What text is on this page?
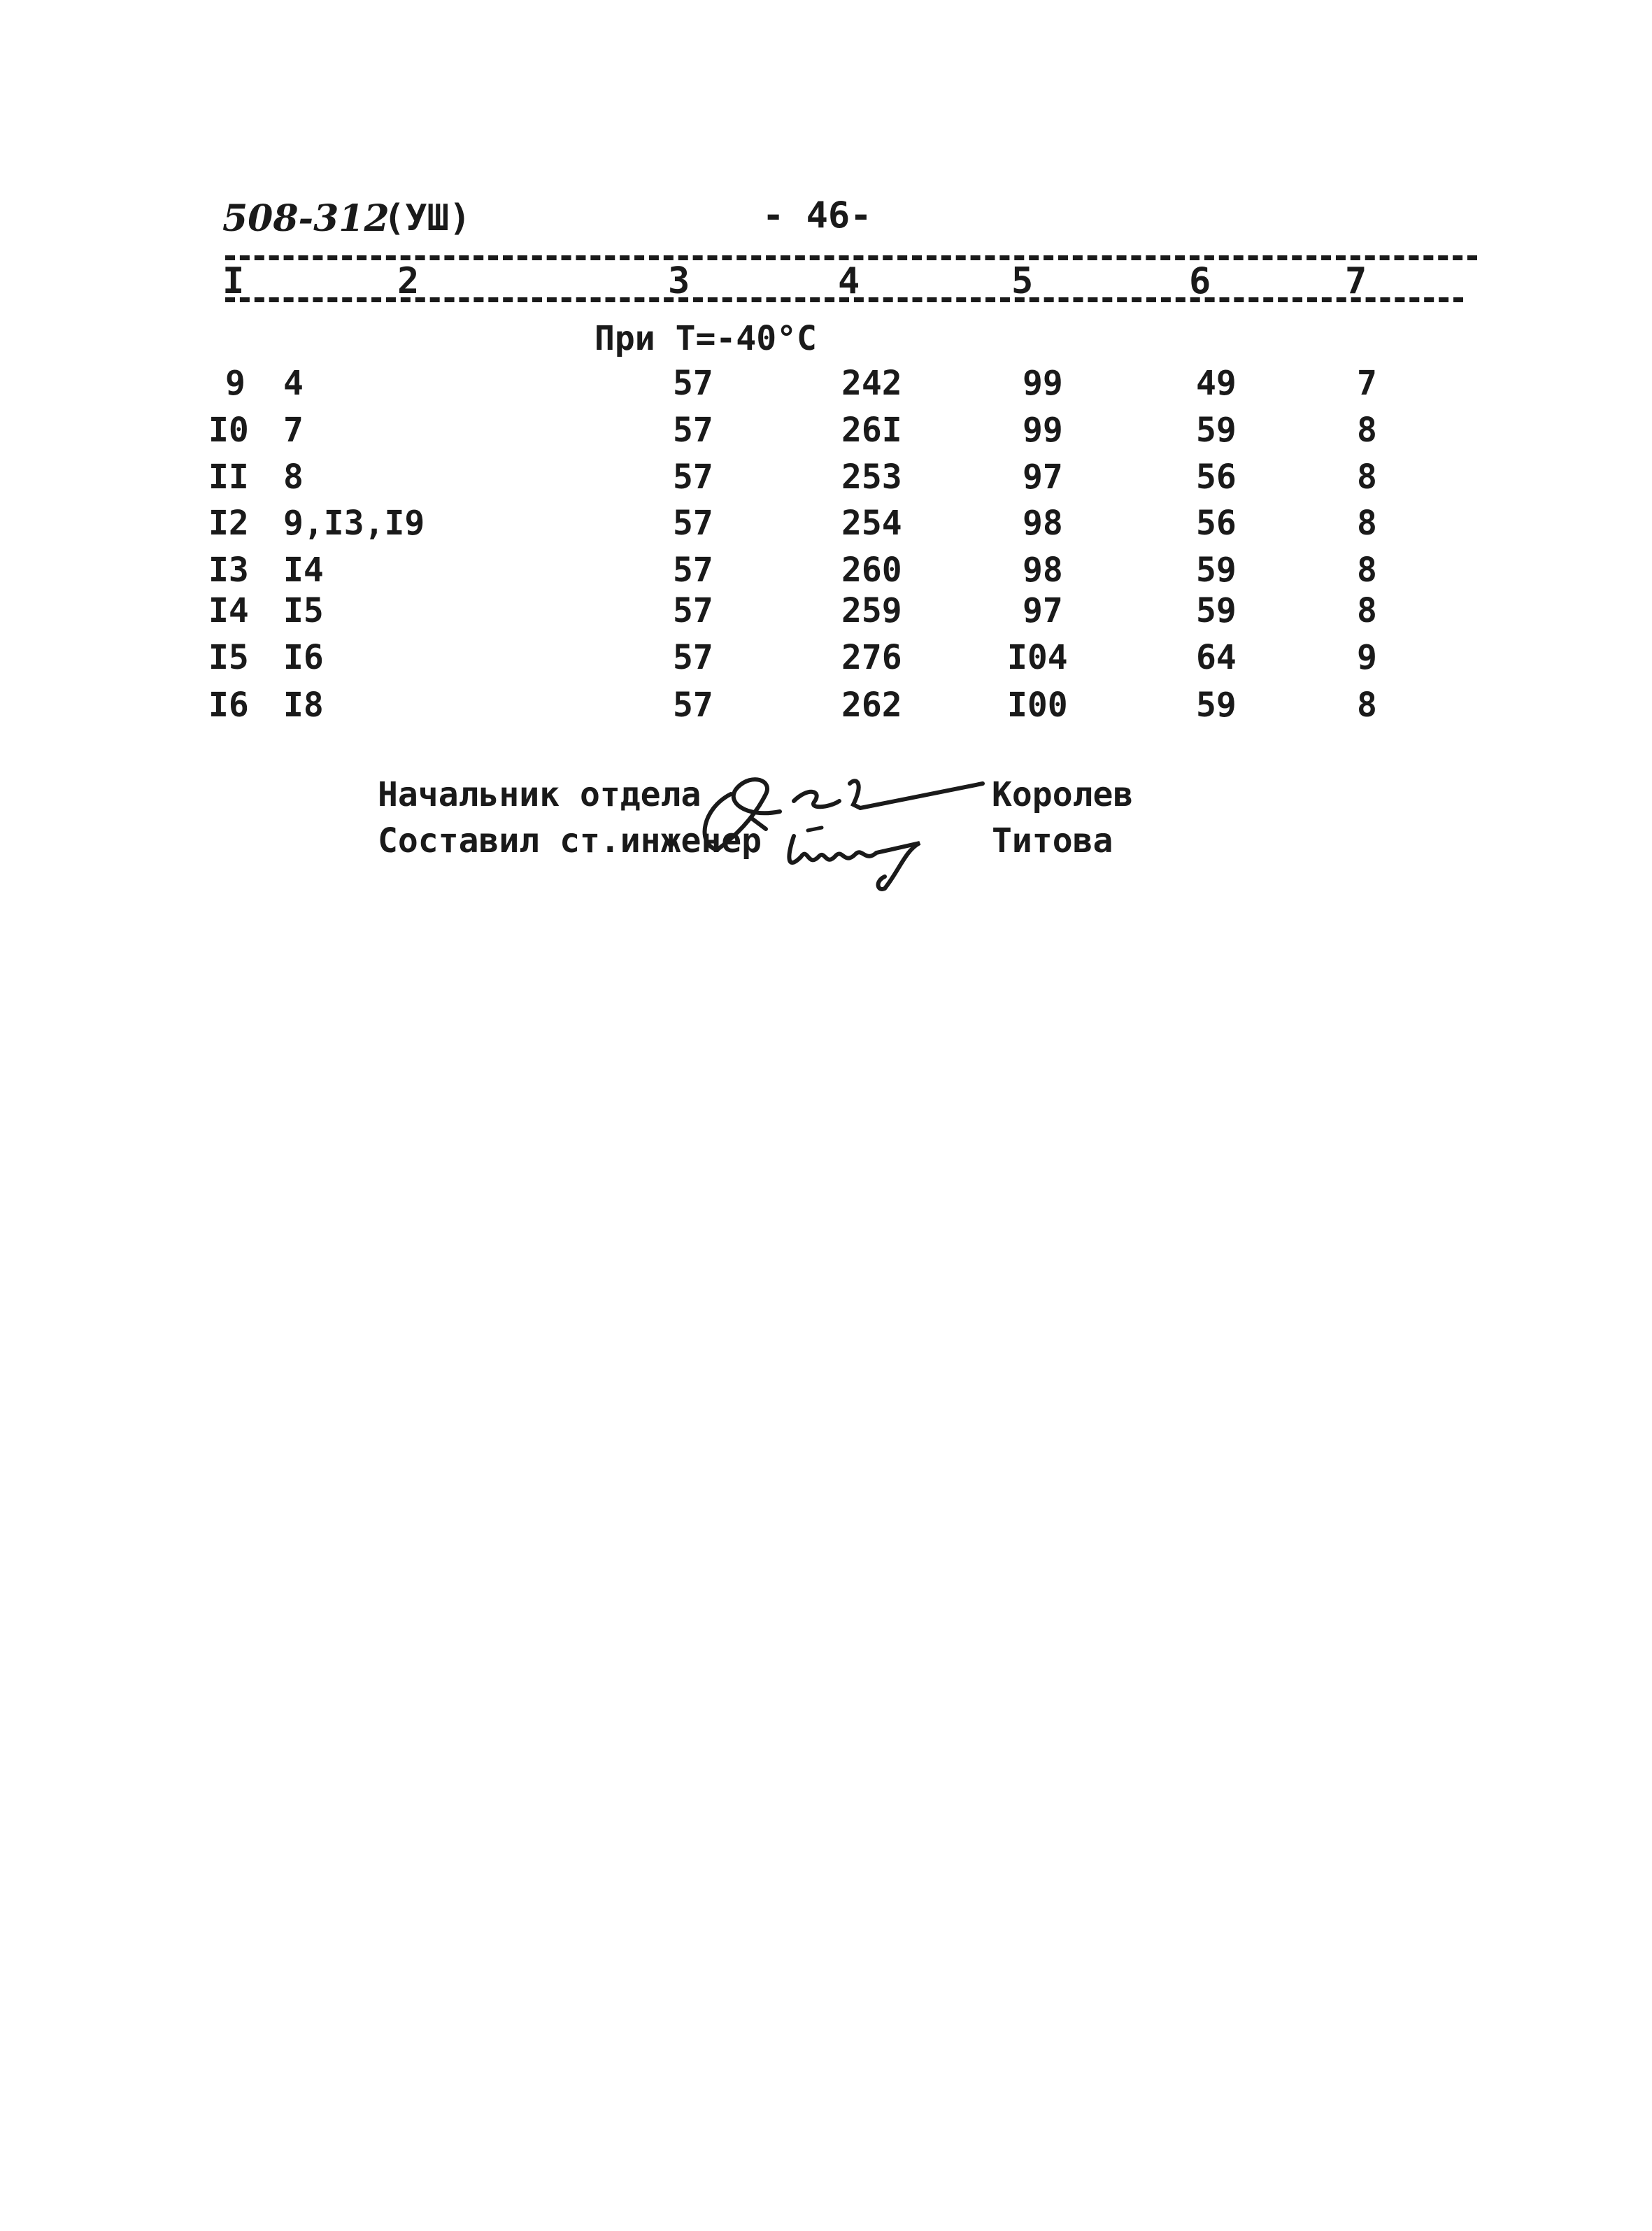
508-312
(УШ)	- 46-
I	2	3	4	5	6	7
При T=-40°C
9 4	57	242	99	49	7
I0 7	57	26I	99	59	8
II 8	57	253	97	56	8
I2 9,I3,I9	57	254	98	56	8
I3 I4	57	260	98	59	8
I4 I5	57	259	97	59	8
I5 I6	57	276	I04	64	9
I6 I8	57	262	I00	59	8
Начальник отдела	Королев
Составил ст.инженер	Титова
